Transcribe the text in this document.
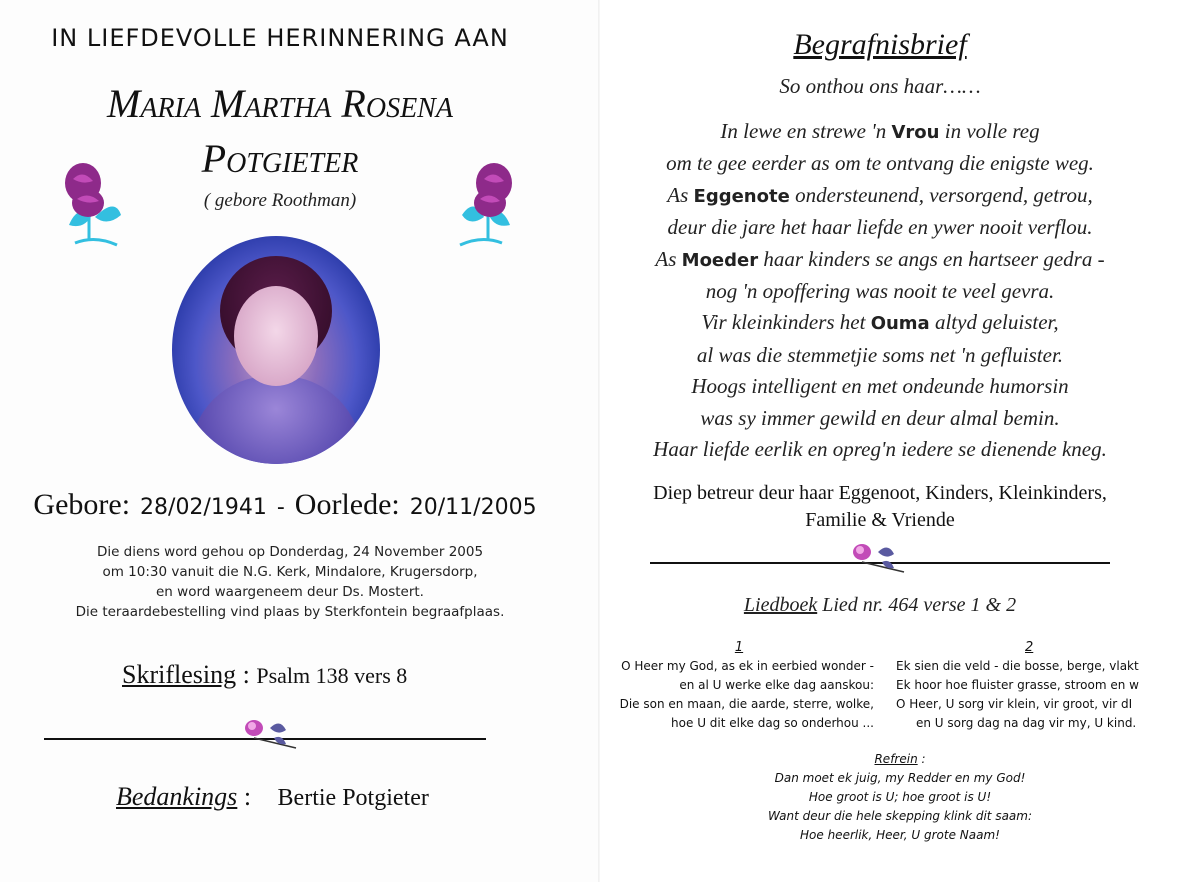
IN LIEFDEVOLLE HERINNERING AAN
Maria Martha Rosena
Potgieter
( gebore Roothman)
Gebore: 28/02/1941 - Oorlede: 20/11/2005
Die diens word gehou op Donderdag, 24 November 2005
om 10:30 vanuit die N.G. Kerk, Mindalore, Krugersdorp,
en word waargeneem deur Ds. Mostert.
Die teraardebestelling vind plaas by Sterkfontein begraafplaas.
Skriflesing : Psalm 138 vers 8
Bedankings : Bertie Potgieter
Begrafnisbrief
So onthou ons haar……
In lewe en strewe 'n Vrou in volle reg
om te gee eerder as om te ontvang die enigste weg.
As Eggenote ondersteunend, versorgend, getrou,
deur die jare het haar liefde en ywer nooit verflou.
As Moeder haar kinders se angs en hartseer gedra -
nog 'n opoffering was nooit te veel gevra.
Vir kleinkinders het Ouma altyd geluister,
al was die stemmetjie soms net 'n gefluister.
Hoogs intelligent en met ondeunde humorsin
was sy immer gewild en deur almal bemin.
Haar liefde eerlik en opreg'n iedere se dienende kneg.
Diep betreur deur haar Eggenoot, Kinders, Kleinkinders,
Familie & Vriende
Liedboek Lied nr. 464 verse 1 & 2
1
O Heer my God, as ek in eerbied wonder -
en al U werke elke dag aanskou:
Die son en maan, die aarde, sterre, wolke,
hoe U dit elke dag so onderhou ...
2
Ek sien die veld - die bosse, berge, vlakt
Ek hoor hoe fluister grasse, stroom en w
O Heer, U sorg vir klein, vir groot, vir dI
en U sorg dag na dag vir my, U kind.
Refrein :
Dan moet ek juig, my Redder en my God!
Hoe groot is U; hoe groot is U!
Want deur die hele skepping klink dit saam:
Hoe heerlik, Heer, U grote Naam!
